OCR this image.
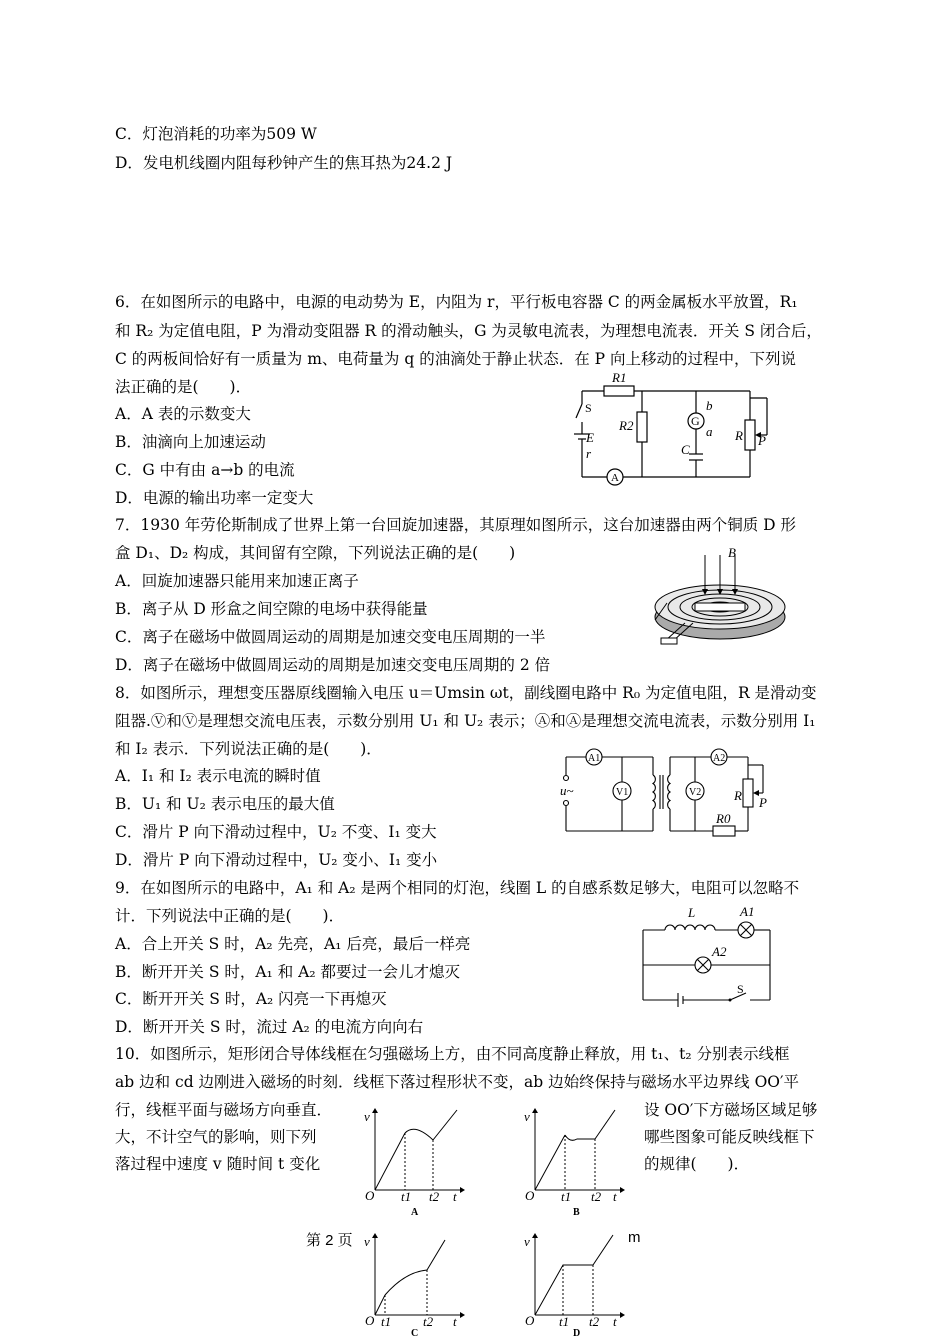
C．灯泡消耗的功率为509 W
D．发电机线圈内阻每秒钟产生的焦耳热为24.2 J
6．在如图所示的电路中，电源的电动势为 E，内阻为 r，平行板电容器 C 的两金属板水平放置，R₁
和 R₂ 为定值电阻，P 为滑动变阻器 R 的滑动触头，G 为灵敏电流表，为理想电流表．开关 S 闭合后，
C 的两板间恰好有一质量为 m、电荷量为 q 的油滴处于静止状态．在 P 向上移动的过程中，下列说
法正确的是(　　)．
A．A 表的示数变大
B．油滴向上加速运动
C．G 中有由 a→b 的电流
D．电源的输出功率一定变大
R1
S
E
r
R2	G
b
a
C
R P
A
7．1930 年劳伦斯制成了世界上第一台回旋加速器，其原理如图所示，这台加速器由两个铜质 D 形
盒 D₁、D₂ 构成，其间留有空隙，下列说法正确的是(　　)
A．回旋加速器只能用来加速正离子
B．离子从 D 形盒之间空隙的电场中获得能量
C．离子在磁场中做圆周运动的周期是加速交变电压周期的一半
D．离子在磁场中做圆周运动的周期是加速交变电压周期的 2 倍
B
8．如图所示，理想变压器原线圈输入电压 u＝Umsin ωt，副线圈电路中 R₀ 为定值电阻，R 是滑动变
阻器.Ⓥ和Ⓥ是理想交流电压表，示数分别用 U₁ 和 U₂ 表示；Ⓐ和Ⓐ是理想交流电流表，示数分别用 I₁
和 I₂ 表示．下列说法正确的是(　　)．
A．I₁ 和 I₂ 表示电流的瞬时值
B．U₁ 和 U₂ 表示电压的最大值
C．滑片 P 向下滑动过程中，U₂ 不变、I₁ 变大
D．滑片 P 向下滑动过程中，U₂ 变小、I₁ 变小
A1
V1
A2
V2
u~	R P
R0
9．在如图所示的电路中，A₁ 和 A₂ 是两个相同的灯泡，线圈 L 的自感系数足够大，电阻可以忽略不
计．下列说法中正确的是(　　)．
A．合上开关 S 时，A₂ 先亮，A₁ 后亮，最后一样亮
B．断开开关 S 时，A₁ 和 A₂ 都要过一会儿才熄灭
C．断开开关 S 时，A₂ 闪亮一下再熄灭
D．断开开关 S 时，流过 A₂ 的电流方向向右
L	A1
A2
S
10．如图所示，矩形闭合导体线框在匀强磁场上方，由不同高度静止释放，用 t₁、t₂ 分别表示线框
ab 边和 cd 边刚进入磁场的时刻．线框下落过程形状不变，ab 边始终保持与磁场水平边界线 OO′平
行，线框平面与磁场方向垂直．
大，不计空气的影响，则下列
落过程中速度 v 随时间 t 变化
设 OO′下方磁场区域足够
哪些图象可能反映线框下
的规律(　　)．
v
O	t
t1 t2
A
v
O	t
t1 t2
B
v
O	t
t1 t2
C
v
O	t
t1 t2
D
第 2 页	m
